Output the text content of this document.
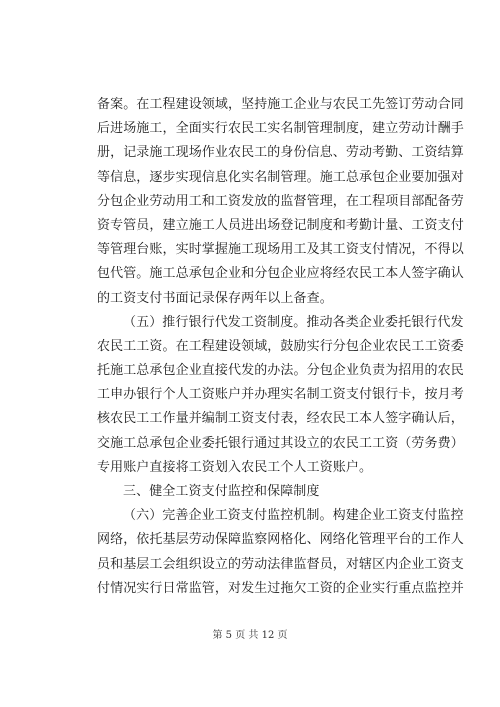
备案。在工程建设领域，坚持施工企业与农民工先签订劳动合同
后进场施工，全面实行农民工实名制管理制度，建立劳动计酬手
册，记录施工现场作业农民工的身份信息、劳动考勤、工资结算
等信息，逐步实现信息化实名制管理。施工总承包企业要加强对
分包企业劳动用工和工资发放的监督管理，在工程项目部配备劳
资专管员，建立施工人员进出场登记制度和考勤计量、工资支付
等管理台账，实时掌握施工现场用工及其工资支付情况，不得以
包代管。施工总承包企业和分包企业应将经农民工本人签字确认
的工资支付书面记录保存两年以上备查。
（五）推行银行代发工资制度。推动各类企业委托银行代发
农民工工资。在工程建设领域，鼓励实行分包企业农民工工资委
托施工总承包企业直接代发的办法。分包企业负责为招用的农民
工申办银行个人工资账户并办理实名制工资支付银行卡，按月考
核农民工工作量并编制工资支付表，经农民工本人签字确认后，
交施工总承包企业委托银行通过其设立的农民工工资（劳务费）
专用账户直接将工资划入农民工个人工资账户。
三、健全工资支付监控和保障制度
（六）完善企业工资支付监控机制。构建企业工资支付监控
网络，依托基层劳动保障监察网格化、网络化管理平台的工作人
员和基层工会组织设立的劳动法律监督员，对辖区内企业工资支
付情况实行日常监管，对发生过拖欠工资的企业实行重点监控并
第 5 页 共 12 页
